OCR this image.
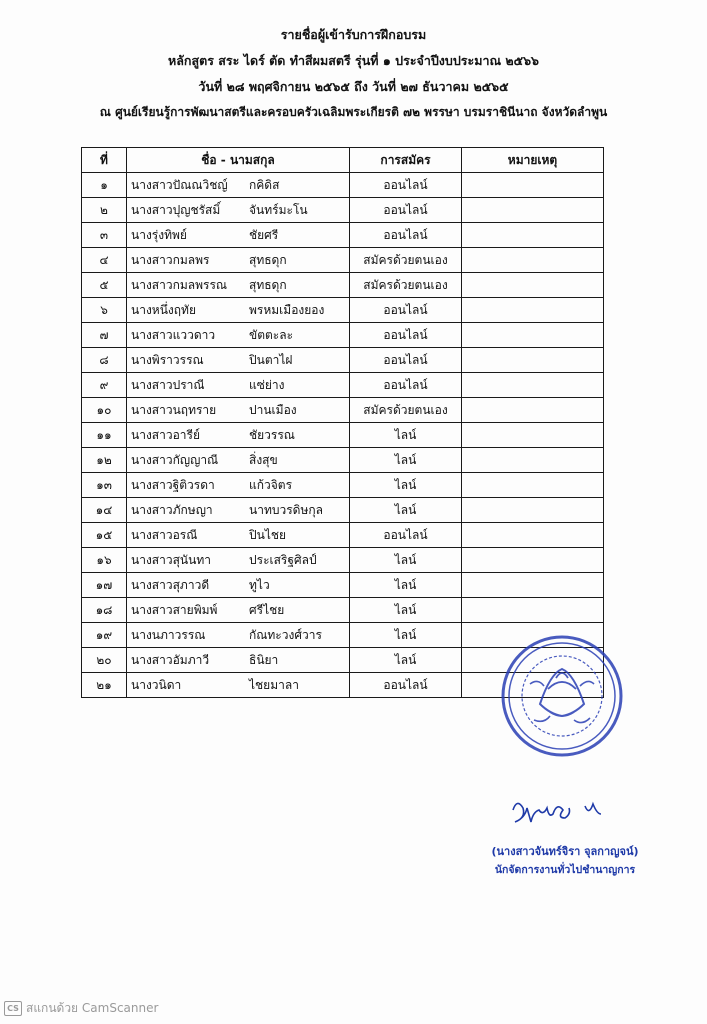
รายชื่อผู้เข้ารับการฝึกอบรม
หลักสูตร สระ ไดร์ ตัด ทำสีผมสตรี รุ่นที่ ๑ ประจำปีงบประมาณ ๒๕๖๖
วันที่ ๒๘ พฤศจิกายน ๒๕๖๕ ถึง วันที่ ๒๗ ธันวาคม ๒๕๖๕
ณ ศูนย์เรียนรู้การพัฒนาสตรีและครอบครัวเฉลิมพระเกียรติ ๗๒ พรรษา บรมราชินีนาถ จังหวัดลำพูน
ที่	ชื่อ - นามสกุล	การสมัคร	หมายเหตุ
๑	นางสาวปัณณวิชญ์ กคิดิส	ออนไลน์	
๒	นางสาวปุญชรัสมิ์ จันทร์มะโน	ออนไลน์	
๓	นางรุ่งทิพย์ ชัยศรี	ออนไลน์	
๔	นางสาวกมลพร สุทธดุก	สมัครด้วยตนเอง	
๕	นางสาวกมลพรรณ สุทธดุก	สมัครด้วยตนเอง	
๖	นางหนึ่งฤทัย พรหมเมืองยอง	ออนไลน์	
๗	นางสาวแววดาว ขัตตะละ	ออนไลน์	
๘	นางพิราวรรณ ปินตาไฝ	ออนไลน์	
๙	นางสาวปราณี แซ่ย่าง	ออนไลน์	
๑๐	นางสาวนฤทราย ปานเมือง	สมัครด้วยตนเอง	
๑๑	นางสาวอารีย์ ชัยวรรณ	ไลน์	
๑๒	นางสาวกัญญาณี สิ่งสุข	ไลน์	
๑๓	นางสาวฐิติวรดา แก้วจิตร	ไลน์	
๑๔	นางสาวภักษญา นาทบวรดิษกุล	ไลน์	
๑๕	นางสาวอรณี ปินไชย	ออนไลน์	
๑๖	นางสาวสุนันทา ประเสริฐศิลป์	ไลน์	
๑๗	นางสาวสุภาวดี ทูไว	ไลน์	
๑๘	นางสาวสายพิมพ์ ศรีไชย	ไลน์	
๑๙	นางนภาวรรณ กัณทะวงศ์วาร	ไลน์	
๒๐	นางสาวอัมภาวี ธินิยา	ไลน์	
๒๑	นางวนิดา ไชยมาลา	ออนไลน์	
(นางสาวจันทร์จิรา จุลกาญจน์)
นักจัดการงานทั่วไปชำนาญการ
CS สแกนด้วย CamScanner
